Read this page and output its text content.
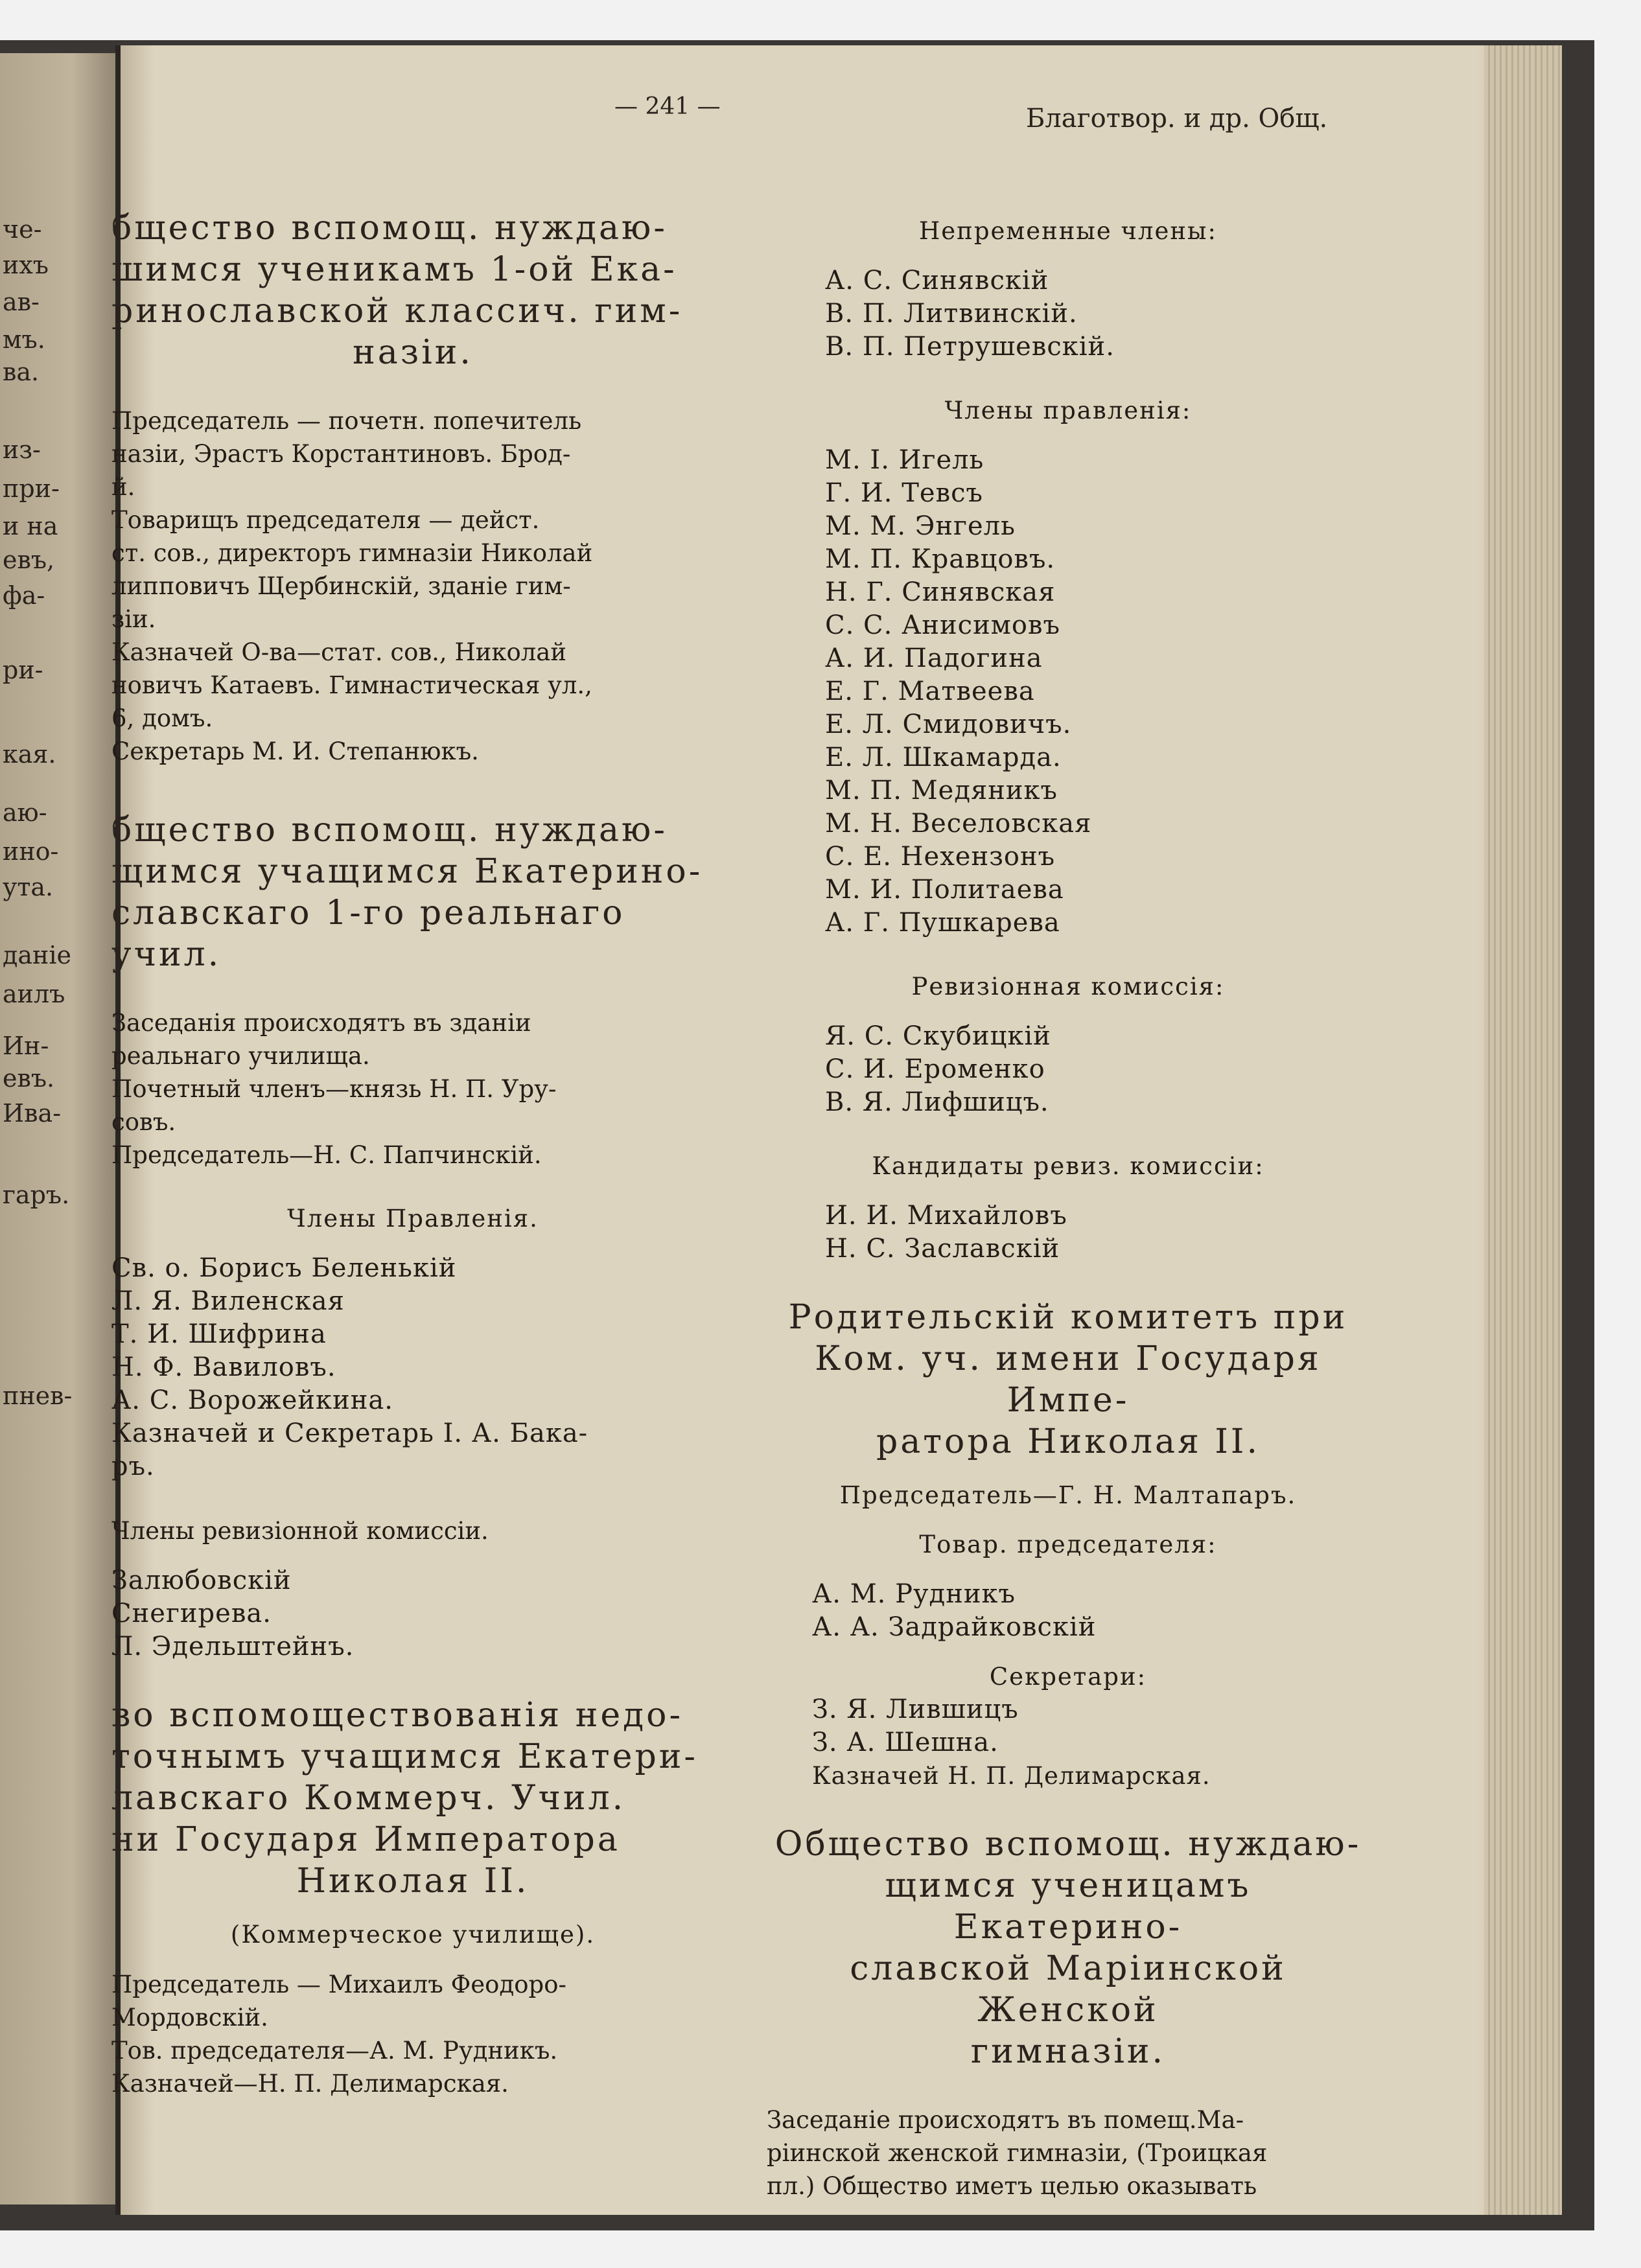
че-
ихъ
ав-
мъ.
ва.
из-
при-
и на
евъ,
фа-
ри-
кая.
аю-
ино-
ута.
даніе
аилъ
Ин-
евъ.
Ива-
гаръ.
пнев-
— 241 —	Благотвор. и др. Общ.

бщество вспомощ. нуждаю-

шимся ученикамъ 1-ой Ека-

ринославской классич. гим-

назіи.

Председатель — почетн. попечитель

назіи, Эрастъ Корстантиновъ. Брод-

й.

Товарищъ председателя — дейст.

ст. сов., директоръ гимназіи Николай

липповичъ Щербинскій, зданіе гим-

зіи.

Казначей О-ва—стат. сов., Николай

новичъ Катаевъ. Гимнастическая ул.,

6, домъ.

Секретарь М. И. Степанюкъ.

бщество вспомощ. нуждаю-

щимся учащимся Екатерино-

славскаго 1-го реальнаго учил.

Заседанія происходятъ въ зданіи

реальнаго училища.

Почетный членъ—князь Н. П. Уру-

совъ.

Председатель—Н. С. Папчинскій.

Члены Правленія.

Св. о. Борисъ Беленькій

Л. Я. Виленская

Т. И. Шифрина

Н. Ф. Вавиловъ.

А. С. Ворожейкина.

Казначей и Секретарь I. А. Бака-

ръ.

Члены ревизіонной комиссіи.

Залюбовскій

Снегирева.

Л. Эдельштейнъ.

во вспомоществованія недо-

точнымъ учащимся Екатери-

лавскаго Коммерч. Учил.

ни Государя Императора

Николая II.

(Коммерческое училище).

Председатель — Михаилъ Феодоро-

Мордовскій.

Тов. председателя—А. М. Рудникъ.

Казначей—Н. П. Делимарская.

Непременные члены:

А. С. Синявскій

В. П. Литвинскій.

В. П. Петрушевскій.

Члены правленія:

М. I. Игель

Г. И. Тевсъ

М. М. Энгель

М. П. Кравцовъ.

Н. Г. Синявская

С. С. Анисимовъ

А. И. Падогина

Е. Г. Матвеева

Е. Л. Смидовичъ.

Е. Л. Шкамарда.

М. П. Медяникъ

М. Н. Веселовская

С. Е. Нехензонъ

М. И. Политаева

А. Г. Пушкарева

Ревизіонная комиссія:

Я. С. Скубицкій

С. И. Ероменко

В. Я. Лифшицъ.

Кандидаты ревиз. комиссіи:

И. И. Михайловъ

Н. С. Заславскій

Родительскій комитетъ при

Ком. уч. имени Государя Импе-

ратора Николая II.

Председатель—Г. Н. Малтапаръ.

Товар. председателя:

А. М. Рудникъ

А. А. Задрайковскій

Секретари:

З. Я. Лившицъ

З. А. Шешна.

Казначей Н. П. Делимарская.

Общество вспомощ. нуждаю-

щимся ученицамъ Екатерино-

славской Маріинской Женской

гимназіи.

Заседаніе происходятъ въ помещ.Ма-

ріинской женской гимназіи, (Троицкая

пл.) Общество иметъ целью оказывать
